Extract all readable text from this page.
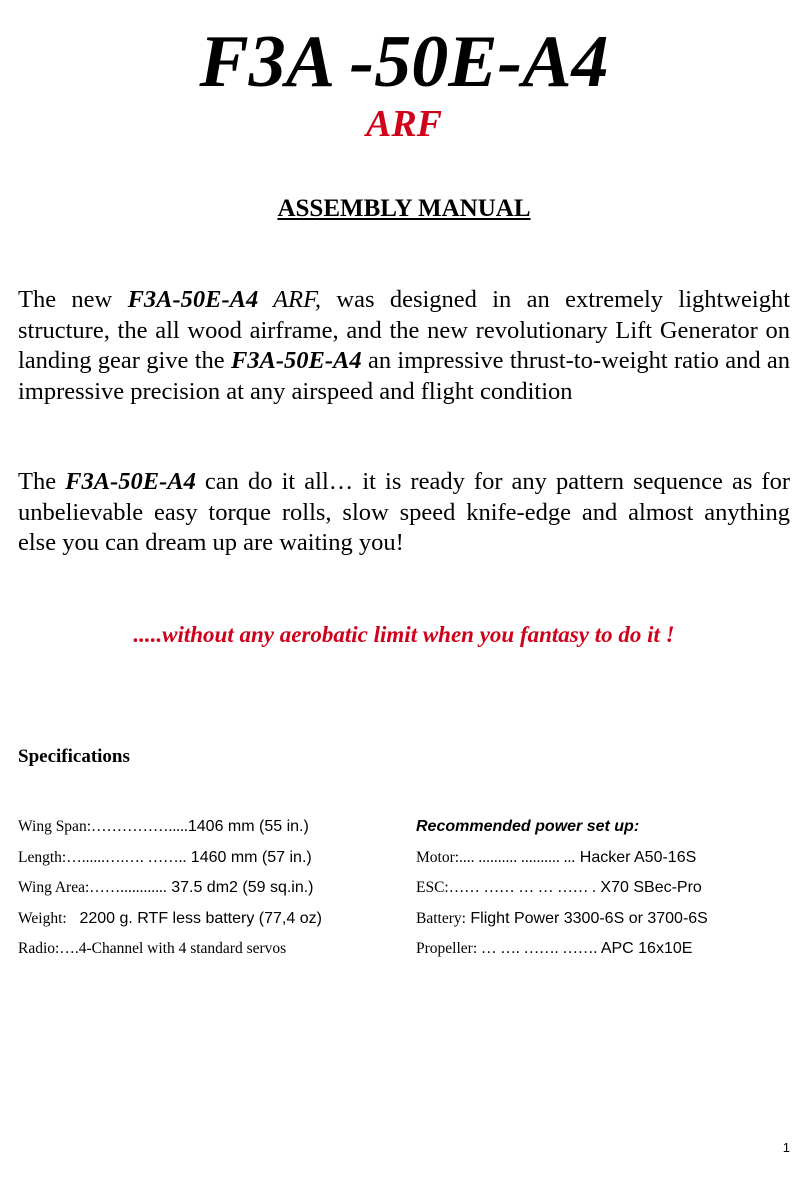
F3A -50E-A4
ARF
ASSEMBLY MANUAL
The new F3A-50E-A4 ARF, was designed in an extremely lightweight structure, the all wood airframe, and the new revolutionary Lift Generator on landing gear give the F3A-50E-A4 an impressive thrust-to-weight ratio and an impressive precision at any airspeed and flight condition
The F3A-50E-A4 can do it all… it is ready for any pattern sequence as for unbelievable easy torque rolls, slow speed knife-edge and almost anything else you can dream up are waiting you!
.....without any aerobatic limit when you fantasy to do it !
Specifications
Wing Span:…………….....1406 mm (55 in.)
Length:…......….…. …….. 1460 mm (57 in.)
Wing Area:……............ 37.5 dm2 (59 sq.in.)
Weight:   2200 g. RTF less battery (77,4 oz)
Radio:….4-Channel with 4 standard servos
Recommended power set up:
Motor:.... .......... .......... ... Hacker A50-16S
ESC:…… …… … … …… . X70 SBec-Pro
Battery: Flight Power 3300-6S or 3700-6S
Propeller: … …. ……. ……. APC 16x10E
1
